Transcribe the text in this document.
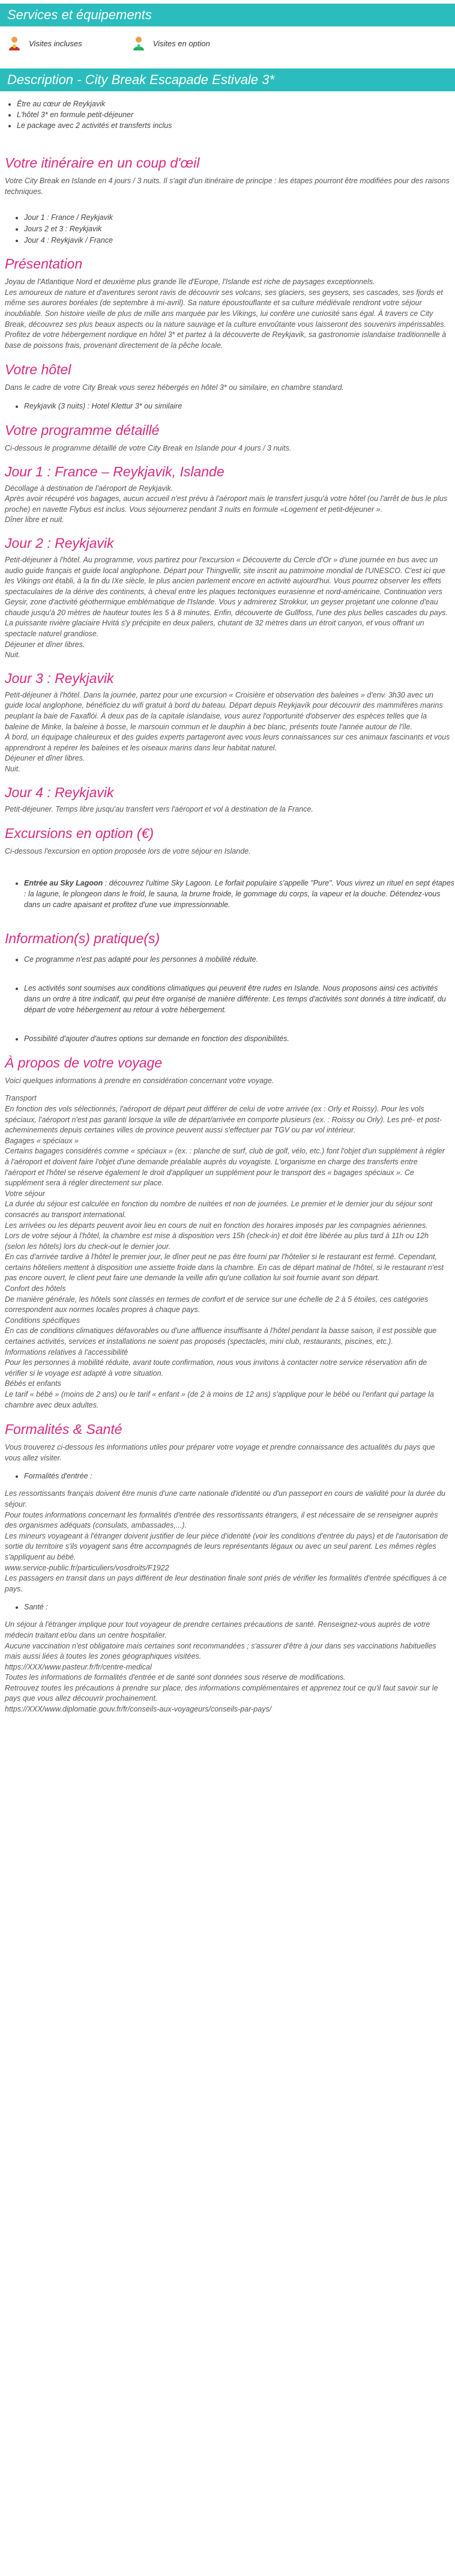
Services et équipements
Visites incluses	Visites en option
Description - City Break Escapade Estivale 3*
• Être au cœur de Reykjavik
• L'hôtel 3* en formule petit-déjeuner
• Le package avec 2 activités et transferts inclus
Votre itinéraire en un coup d'œil

Votre City Break en Islande en 4 jours / 3 nuits. Il s'agit d'un itinéraire de principe : les étapes pourront être modifiées pour des raisons techniques.

• Jour 1 : France / Reykjavik
• Jours 2 et 3 : Reykjavik
• Jour 4 : Reykjavik / France
Présentation

Joyau de l'Atlantique Nord et deuxième plus grande île d'Europe, l'Islande est riche de paysages exceptionnels.
Les amoureux de nature et d'aventures seront ravis de découvrir ses volcans, ses glaciers, ses geysers, ses cascades, ses fjords et même ses aurores boréales (de septembre à mi-avril). Sa nature époustouflante et sa culture médiévale rendront votre séjour inoubliable. Son histoire vieille de plus de mille ans marquée par les Vikings, lui confère une curiosité sans égal. À travers ce City Break, découvrez ses plus beaux aspects ou la nature sauvage et la culture envoûtante vous laisseront des souvenirs impérissables.
Profitez de votre hébergement nordique en hôtel 3* et partez à la découverte de Reykjavik, sa gastronomie islandaise traditionnelle à base de poissons frais, provenant directement de la pêche locale.

Votre hôtel

Dans le cadre de votre City Break vous serez hébergés en hôtel 3* ou similaire, en chambre standard.

• Reykjavik (3 nuits) : Hotel Klettur 3* ou similaire
Votre programme détaillé

Ci-dessous le programme détaillé de votre City Break en Islande pour 4 jours / 3 nuits.

Jour 1 : France – Reykjavik, Islande

Décollage à destination de l'aéroport de Reykjavik.
Après avoir récupéré vos bagages, aucun accueil n'est prévu à l'aéroport mais le transfert jusqu'à votre hôtel (ou l'arrêt de bus le plus proche) en navette Flybus est inclus. Vous séjournerez pendant 3 nuits en formule «Logement et petit-déjeuner ».
Dîner libre et nuit.

Jour 2 : Reykjavik

Petit-déjeuner à l'hôtel. Au programme, vous partirez pour l'excursion « Découverte du Cercle d'Or » d'une journée en bus avec un audio guide français et guide local anglophone. Départ pour Thingvellir, site inscrit au patrimoine mondial de l'UNESCO. C'est ici que les Vikings ont établi, à la fin du IXe siècle, le plus ancien parlement encore en activité aujourd'hui. Vous pourrez observer les effets spectaculaires de la dérive des continents, à cheval entre les plaques tectoniques eurasienne et nord-américaine. Continuation vers Geysir, zone d'activité géothermique emblématique de l'Islande. Vous y admirerez Strokkur, un geyser projetant une colonne d'eau chaude jusqu'à 20 mètres de hauteur toutes les 5 à 8 minutes. Enfin, découverte de Gullfoss, l'une des plus belles cascades du pays.
La puissante rivière glaciaire Hvitá s'y précipite en deux paliers, chutant de 32 mètres dans un étroit canyon, et vous offrant un spectacle naturel grandiose.
Déjeuner et dîner libres.
Nuit.

Jour 3 : Reykjavik

Petit-déjeuner à l'hôtel. Dans la journée, partez pour une excursion « Croisière et observation des baleines » d'env. 3h30 avec un guide local anglophone, bénéficiez du wifi gratuit à bord du bateau. Départ depuis Reykjavík pour découvrir des mammifères marins peuplant la baie de Faxaflói. À deux pas de la capitale islandaise, vous aurez l'opportunité d'observer des espèces telles que la baleine de Minke, la baleine à bosse, le marsouin commun et le dauphin à bec blanc, présents toute l'année autour de l'île.
À bord, un équipage chaleureux et des guides experts partageront avec vous leurs connaissances sur ces animaux fascinants et vous apprendront à repérer les baleines et les oiseaux marins dans leur habitat naturel.
Déjeuner et dîner libres.
Nuit.

Jour 4 : Reykjavik

Petit-déjeuner. Temps libre jusqu'au transfert vers l'aéroport et vol à destination de la France.

Excursions en option (€)

Ci-dessous l'excursion en option proposée lors de votre séjour en Islande.

• Entrée au Sky Lagoon : découvrez l'ultime Sky Lagoon. Le forfait populaire s'appelle "Pure". Vous vivrez un rituel en sept étapes : la lagune, le plongeon dans le froid, le sauna, la brume froide, le gommage du corps, la vapeur et la douche. Détendez-vous dans un cadre apaisant et profitez d'une vue impressionnable.
Information(s) pratique(s)
• Ce programme n'est pas adapté pour les personnes à mobilité réduite.
• Les activités sont soumises aux conditions climatiques qui peuvent être rudes en Islande. Nous proposons ainsi ces activités dans un ordre à titre indicatif, qui peut être organisé de manière différente. Les temps d'activités sont donnés à titre indicatif, du départ de votre hébergement au retour à votre hébergement.
• Possibilité d'ajouter d'autres options sur demande en fonction des disponibilités.
À propos de votre voyage

Voici quelques informations à prendre en considération concernant votre voyage.

Transport
En fonction des vols sélectionnés, l'aéroport de départ peut différer de celui de votre arrivée (ex : Orly et Roissy). Pour les vols spéciaux, l'aéroport n'est pas garanti lorsque la ville de départ/arrivée en comporte plusieurs (ex. : Roissy ou Orly). Les pré- et post- acheminements depuis certaines villes de province peuvent aussi s'effectuer par TGV ou par vol intérieur.
Bagages « spéciaux »
Certains bagages considérés comme « spéciaux » (ex. : planche de surf, club de golf, vélo, etc.) font l'objet d'un supplément à régler à l'aéroport et doivent faire l'objet d'une demande préalable auprès du voyagiste. L'organisme en charge des transferts entre l'aéroport et l'hôtel se réserve également le droit d'appliquer un supplément pour le transport des « bagages spéciaux ». Ce supplément sera à régler directement sur place.
Votre séjour
La durée du séjour est calculée en fonction du nombre de nuitées et non de journées. Le premier et le dernier jour du séjour sont consacrés au transport international.
Les arrivées ou les départs peuvent avoir lieu en cours de nuit en fonction des horaires imposés par les compagnies aériennes.
Lors de votre séjour à l'hôtel, la chambre est mise à disposition vers 15h (check-in) et doit être libérée au plus tard à 11h ou 12h (selon les hôtels) lors du check-out le dernier jour.
En cas d'arrivée tardive à l'hôtel le premier jour, le dîner peut ne pas être fourni par l'hôtelier si le restaurant est fermé. Cependant, certains hôteliers mettent à disposition une assiette froide dans la chambre. En cas de départ matinal de l'hôtel, si le restaurant n'est pas encore ouvert, le client peut faire une demande la veille afin qu'une collation lui soit fournie avant son départ.
Confort des hôtels
De manière générale, les hôtels sont classés en termes de confort et de service sur une échelle de 2 à 5 étoiles, ces catégories correspondent aux normes locales propres à chaque pays.
Conditions spécifiques
En cas de conditions climatiques défavorables ou d'une affluence insuffisante à l'hôtel pendant la basse saison, il est possible que certaines activités, services et installations ne soient pas proposés (spectacles, mini club, restaurants, piscines, etc.).
Informations relatives à l'accessibilité
Pour les personnes à mobilité réduite, avant toute confirmation, nous vous invitons à contacter notre service réservation afin de vérifier si le voyage est adapté à votre situation.
Bébés et enfants
Le tarif « bébé » (moins de 2 ans) ou le tarif « enfant » (de 2 à moins de 12 ans) s'applique pour le bébé ou l'enfant qui partage la chambre avec deux adultes.

Formalités & Santé

Vous trouverez ci-dessous les informations utiles pour préparer votre voyage et prendre connaissance des actualités du pays que vous allez visiter.

• Formalités d'entrée :

Les ressortissants français doivent être munis d'une carte nationale d'identité ou d'un passeport en cours de validité pour la durée du séjour.
Pour toutes informations concernant les formalités d'entrée des ressortissants étrangers, il est nécessaire de se renseigner auprès des organismes adéquats (consulats, ambassades,...).
Les mineurs voyageant à l'étranger doivent justifier de leur pièce d'identité (voir les conditions d'entrée du pays) et de l'autorisation de sortie du territoire s'ils voyagent sans être accompagnés de leurs représentants légaux ou avec un seul parent. Les mêmes règles s'appliquent au bébé.
www.service-public.fr/particuliers/vosdroits/F1922
Les passagers en transit dans un pays différent de leur destination finale sont priés de vérifier les formalités d'entrée spécifiques à ce pays.

• Santé :

Un séjour à l'étranger implique pour tout voyageur de prendre certaines précautions de santé. Renseignez-vous auprès de votre médecin traitant et/ou dans un centre hospitalier.
Aucune vaccination n'est obligatoire mais certaines sont recommandées ; s'assurer d'être à jour dans ses vaccinations habituelles mais aussi liées à toutes les zones géographiques visitées.
https://XXX/www.pasteur.fr/fr/centre-medical
Toutes les informations de formalités d'entrée et de santé sont données sous réserve de modifications.
Retrouvez toutes les précautions à prendre sur place, des informations complémentaires et apprenez tout ce qu'il faut savoir sur le pays que vous allez découvrir prochainement.
https://XXX/www.diplomatie.gouv.fr/fr/conseils-aux-voyageurs/conseils-par-pays/
